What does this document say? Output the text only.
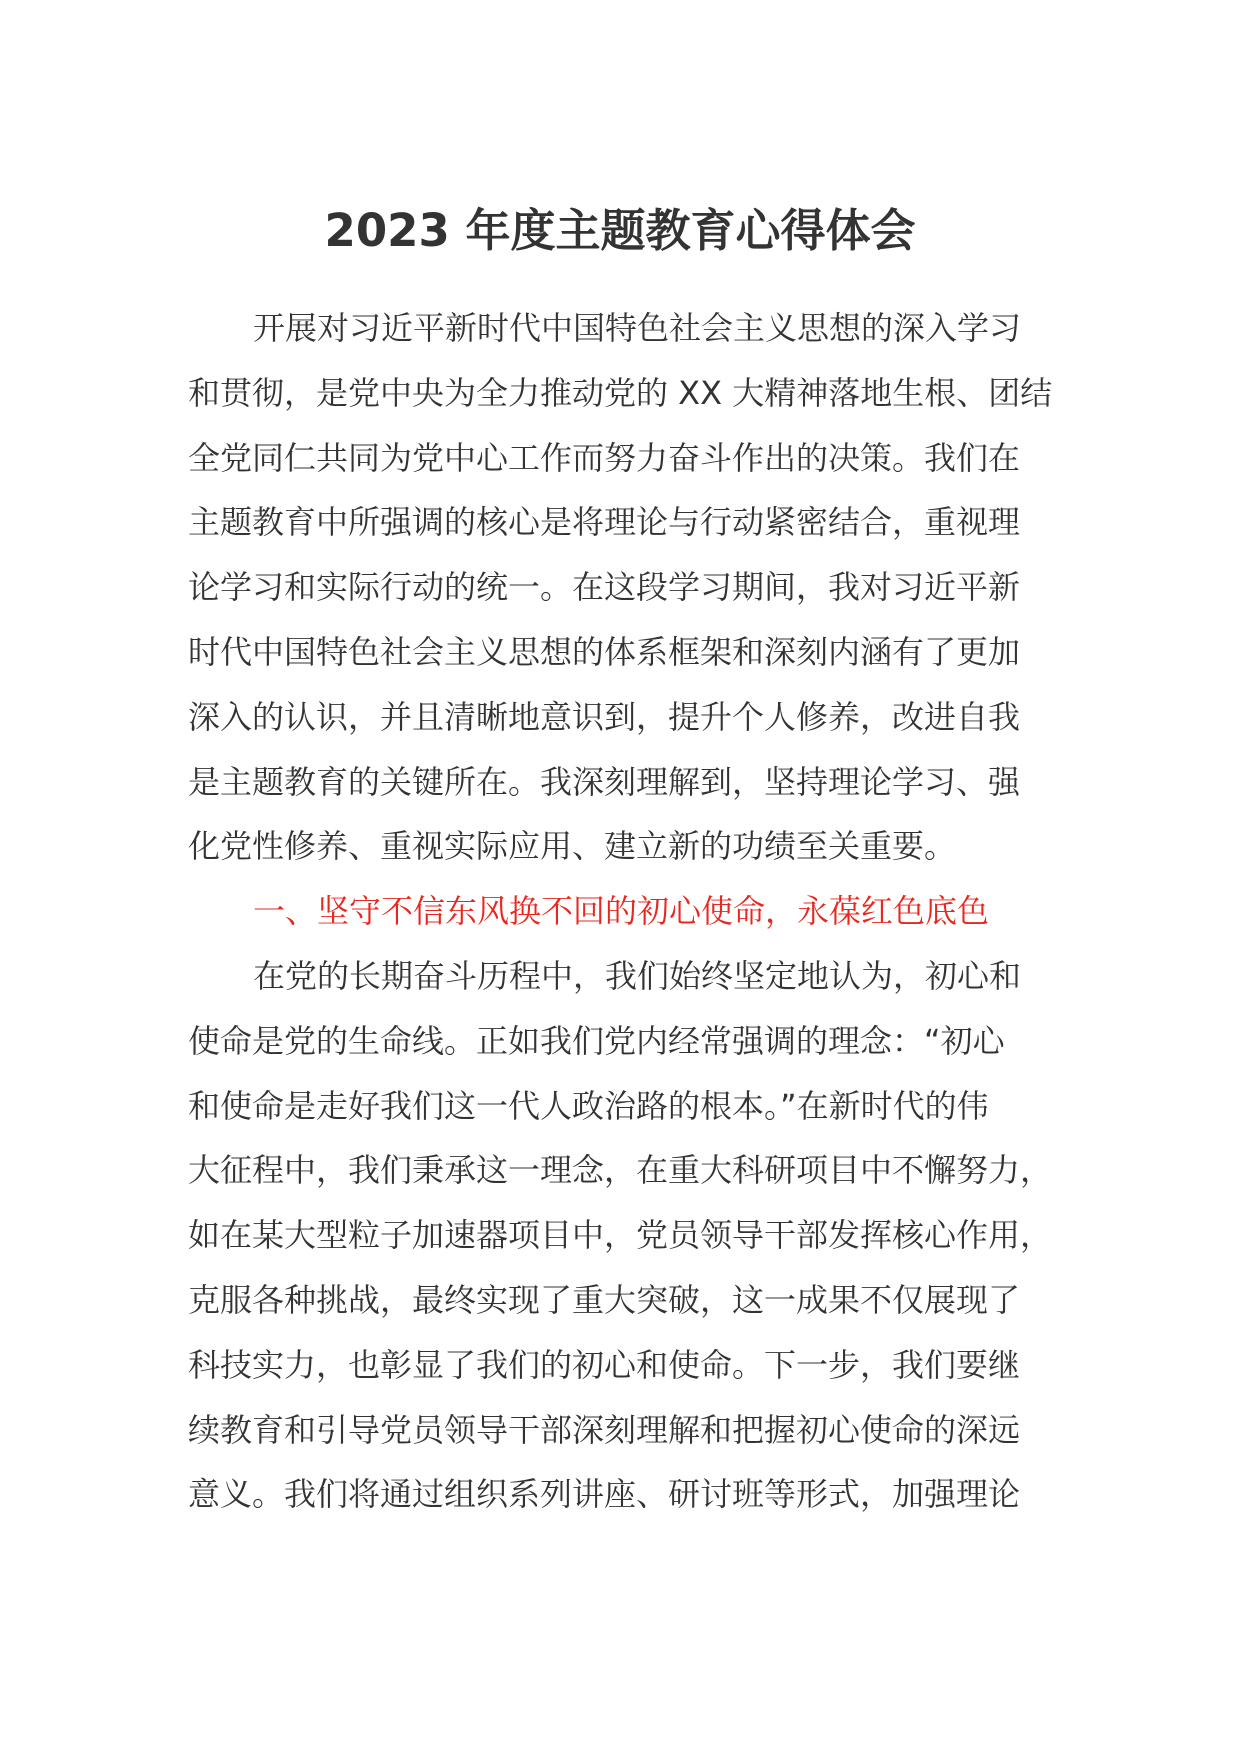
2023 年度主题教育心得体会
开展对习近平新时代中国特色社会主义思想的深入学习
和贯彻，是党中央为全力推动党的 XX 大精神落地生根、团结
全党同仁共同为党中心工作而努力奋斗作出的决策。我们在
主题教育中所强调的核心是将理论与行动紧密结合，重视理
论学习和实际行动的统一。在这段学习期间，我对习近平新
时代中国特色社会主义思想的体系框架和深刻内涵有了更加
深入的认识，并且清晰地意识到，提升个人修养，改进自我
是主题教育的关键所在。我深刻理解到，坚持理论学习、强
化党性修养、重视实际应用、建立新的功绩至关重要。
一、坚守不信东风换不回的初心使命，永葆红色底色
在党的长期奋斗历程中，我们始终坚定地认为，初心和
使命是党的生命线。正如我们党内经常强调的理念：“初心
和使命是走好我们这一代人政治路的根本。”在新时代的伟
大征程中，我们秉承这一理念，在重大科研项目中不懈努力，
如在某大型粒子加速器项目中，党员领导干部发挥核心作用，
克服各种挑战，最终实现了重大突破，这一成果不仅展现了
科技实力，也彰显了我们的初心和使命。下一步，我们要继
续教育和引导党员领导干部深刻理解和把握初心使命的深远
意义。我们将通过组织系列讲座、研讨班等形式，加强理论
